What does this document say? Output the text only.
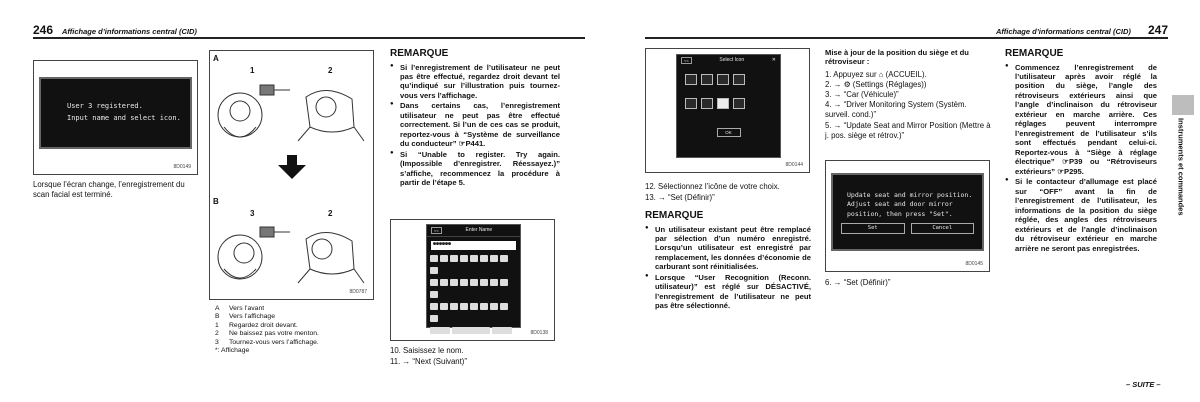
246 Affichage d’informations central (CID)
User 3 registered.
Input name and select icon.
8D0149
Lorsque l’écran change, l’enregistrement du scan facial est terminé.
A
1	2
B
3	2
8D0787
A	Vers l’avant
B	Vers l’affichage
1	Regardez droit devant.
2	Ne baissez pas votre menton.
3	Tournez-vous vers l’affichage.
*: Affichage
REMARQUE
● Si l’enregistrement de l’utilisateur ne peut pas être effectué, regardez droit devant tel qu’indiqué sur l’illustration puis tournez-vous vers l’affichage.
● Dans certains cas, l’enregistrement utilisateur ne peut pas être effectué correctement. Si l’un de ces cas se produit, reportez-vous à “Système de surveillance du conducteur” ☞P441.
● Si “Unable to register. Try again. (Impossible d’enregistrer. Réessayez.)” s’affiche, recommencez la procédure à partir de l’étape 5.
<<	Enter Name
●●●●●●
8D0138
10. Saisissez le nom.
11. → “Next (Suivant)”
Affichage d’informations central (CID) 247
<<	Select Icon	✕
OK
8D0144
12. Sélectionnez l’icône de votre choix.
13. → “Set (Définir)”
REMARQUE
● Un utilisateur existant peut être remplacé par sélection d’un numéro enregistré. Lorsqu’un utilisateur est enregistré par remplacement, les données d’économie de carburant sont réinitialisées.
● Lorsque “User Recognition (Reconn. utilisateur)” est réglé sur DÉSACTIVÉ, l’enregistrement de l’utilisateur ne peut pas être sélectionné.
Mise à jour de la position du siège et du rétroviseur :
1. Appuyez sur ⌂ (ACCUEIL).
2. → ⚙ (Settings (Réglages))
3. → “Car (Véhicule)”
4. → “Driver Monitoring System (Systèm. surveil. cond.)”
5. → “Update Seat and Mirror Position (Mettre à j. pos. siège et rétrov.)”
Update seat and mirror position.
Adjust seat and door mirror
position, then press "Set".
Set	Cancel
8D0145
6. → “Set (Définir)”
REMARQUE
● Commencez l’enregistrement de l’utilisateur après avoir réglé la position du siège, l’angle des rétroviseurs extérieurs ainsi que l’angle d’inclinaison du rétroviseur extérieur en marche arrière. Ces réglages peuvent interrompre l’enregistrement de l’utilisateur s’ils sont effectués pendant celui-ci. Reportez-vous à “Siège à réglage électrique” ☞P39 ou “Rétroviseurs extérieurs” ☞P295.
● Si le contacteur d’allumage est placé sur “OFF” avant la fin de l’enregistrement de l’utilisateur, les informations de la position du siège réglée, des angles des rétroviseurs extérieurs et de l’angle d’inclinaison du rétroviseur extérieur en marche arrière ne seront pas enregistrées.
Instruments et commandes
– SUITE –
